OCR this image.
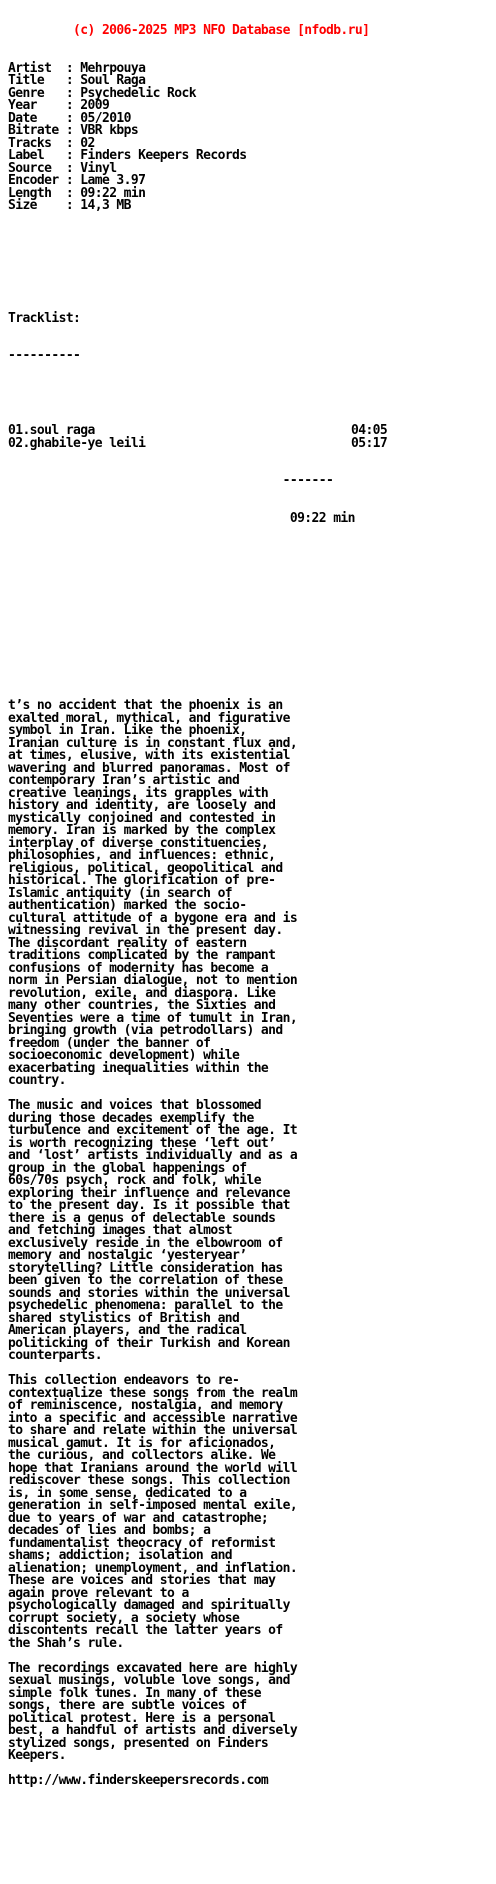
(c) 2006-2025 MP3 NFO Database [nfodb.ru]

Artist  : Mehrpouya
Title   : Soul Raga
Genre   : Psychedelic Rock
Year    : 2009
Date    : 05/2010
Bitrate : VBR kbps
Tracks  : 02
Label   : Finders Keepers Records
Source  : Vinyl
Encoder : Lame 3.97
Length  : 09:22 min
Size    : 14,3 MB

Tracklist:

----------

01.soul raga	04:05
02.ghabile-ye leili	05:17

-------

09:22 min

t’s no accident that the phoenix is an
exalted moral, mythical, and figurative
symbol in Iran. Like the phoenix,
Iranian culture is in constant flux and,
at times, elusive, with its existential
wavering and blurred panoramas. Most of
contemporary Iran’s artistic and
creative leanings, its grapples with
history and identity, are loosely and
mystically conjoined and contested in
memory. Iran is marked by the complex
interplay of diverse constituencies,
philosophies, and influences: ethnic,
religious, political, geopolitical and
historical. The glorification of pre-
Islamic antiquity (in search of
authentication) marked the socio-
cultural attitude of a bygone era and is
witnessing revival in the present day.
The discordant reality of eastern
traditions complicated by the rampant
confusions of modernity has become a
norm in Persian dialogue, not to mention
revolution, exile, and diaspora. Like
many other countries, the Sixties and
Seventies were a time of tumult in Iran,
bringing growth (via petrodollars) and
freedom (under the banner of
socioeconomic development) while
exacerbating inequalities within the
country.
The music and voices that blossomed
during those decades exemplify the
turbulence and excitement of the age. It
is worth recognizing these ‘left out’
and ‘lost’ artists individually and as a
group in the global happenings of
60s/70s psych, rock and folk, while
exploring their influence and relevance
to the present day. Is it possible that
there is a genus of delectable sounds
and fetching images that almost
exclusively reside in the elbowroom of
memory and nostalgic ‘yesteryear’
storytelling? Little consideration has
been given to the correlation of these
sounds and stories within the universal
psychedelic phenomena: parallel to the
shared stylistics of British and
American players, and the radical
politicking of their Turkish and Korean
counterparts.
This collection endeavors to re-
contextualize these songs from the realm
of reminiscence, nostalgia, and memory
into a specific and accessible narrative
to share and relate within the universal
musical gamut. It is for aficionados,
the curious, and collectors alike. We
hope that Iranians around the world will
rediscover these songs. This collection
is, in some sense, dedicated to a
generation in self-imposed mental exile,
due to years of war and catastrophe;
decades of lies and bombs; a
fundamentalist theocracy of reformist
shams; addiction; isolation and
alienation; unemployment, and inflation.
These are voices and stories that may
again prove relevant to a
psychologically damaged and spiritually
corrupt society, a society whose
discontents recall the latter years of
the Shah’s rule.
The recordings excavated here are highly
sexual musings, voluble love songs, and
simple folk tunes. In many of these
songs, there are subtle voices of
political protest. Here is a personal
best, a handful of artists and diversely
stylized songs, presented on Finders
Keepers.
http://www.finderskeepersrecords.com
